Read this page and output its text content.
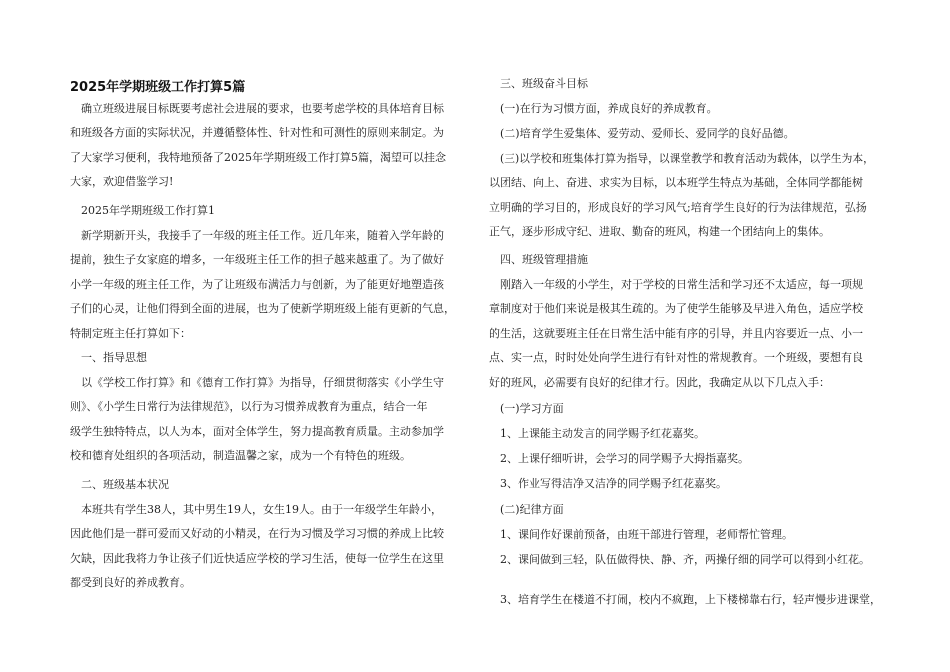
2025年学期班级工作打算5篇
确立班级进展目标既要考虑社会进展的要求，也要考虑学校的具体培育目标
和班级各方面的实际状况，并遵循整体性、针对性和可测性的原则来制定。为
了大家学习便利，我特地预备了2025年学期班级工作打算5篇，渴望可以挂念
大家，欢迎借鉴学习!
2025年学期班级工作打算1
新学期新开头，我接手了一年级的班主任工作。近几年来，随着入学年龄的
提前，独生子女家庭的增多，一年级班主任工作的担子越来越重了。为了做好
小学一年级的班主任工作，为了让班级布满活力与创新，为了能更好地塑造孩
子们的心灵，让他们得到全面的进展，也为了使新学期班级上能有更新的气息，
特制定班主任打算如下：
一、指导思想
以《学校工作打算》和《德育工作打算》为指导，仔细贯彻落实《小学生守
则》、《小学生日常行为法律规范》，以行为习惯养成教育为重点，结合一年
级学生独特特点，以人为本，面对全体学生，努力提高教育质量。主动参加学
校和德育处组织的各项活动，制造温馨之家，成为一个有特色的班级。
二、班级基本状况
本班共有学生38人，其中男生19人，女生19人。由于一年级学生年龄小，
因此他们是一群可爱而又好动的小精灵，在行为习惯及学习习惯的养成上比较
欠缺，因此我将力争让孩子们近快适应学校的学习生活，使每一位学生在这里
都受到良好的养成教育。
三、班级奋斗目标
(一)在行为习惯方面，养成良好的养成教育。
(二)培育学生爱集体、爱劳动、爱师长、爱同学的良好品德。
(三)以学校和班集体打算为指导，以课堂教学和教育活动为载体，以学生为本，
以团结、向上、奋进、求实为目标，以本班学生特点为基础，全体同学都能树
立明确的学习目的，形成良好的学习风气;培育学生良好的行为法律规范，弘扬
正气，逐步形成守纪、进取、勤奋的班风，构建一个团结向上的集体。
四、班级管理措施
刚踏入一年级的小学生，对于学校的日常生活和学习还不太适应，每一项规
章制度对于他们来说是极其生疏的。为了使学生能够及早进入角色，适应学校
的生活，这就要班主任在日常生活中能有序的引导，并且内容要近一点、小一
点、实一点，时时处处向学生进行有针对性的常规教育。一个班级，要想有良
好的班风，必需要有良好的纪律才行。因此，我确定从以下几点入手：
(一)学习方面
1、上课能主动发言的同学赐予红花嘉奖。
2、上课仔细听讲，会学习的同学赐予大拇指嘉奖。
3、作业写得洁净又洁净的同学赐予红花嘉奖。
(二)纪律方面
1、课间作好课前预备，由班干部进行管理，老师帮忙管理。
2、课间做到三轻，队伍做得快、静、齐，两操仔细的同学可以得到小红花。
3、培育学生在楼道不打闹，校内不疯跑，上下楼梯靠右行，轻声慢步进课堂，
